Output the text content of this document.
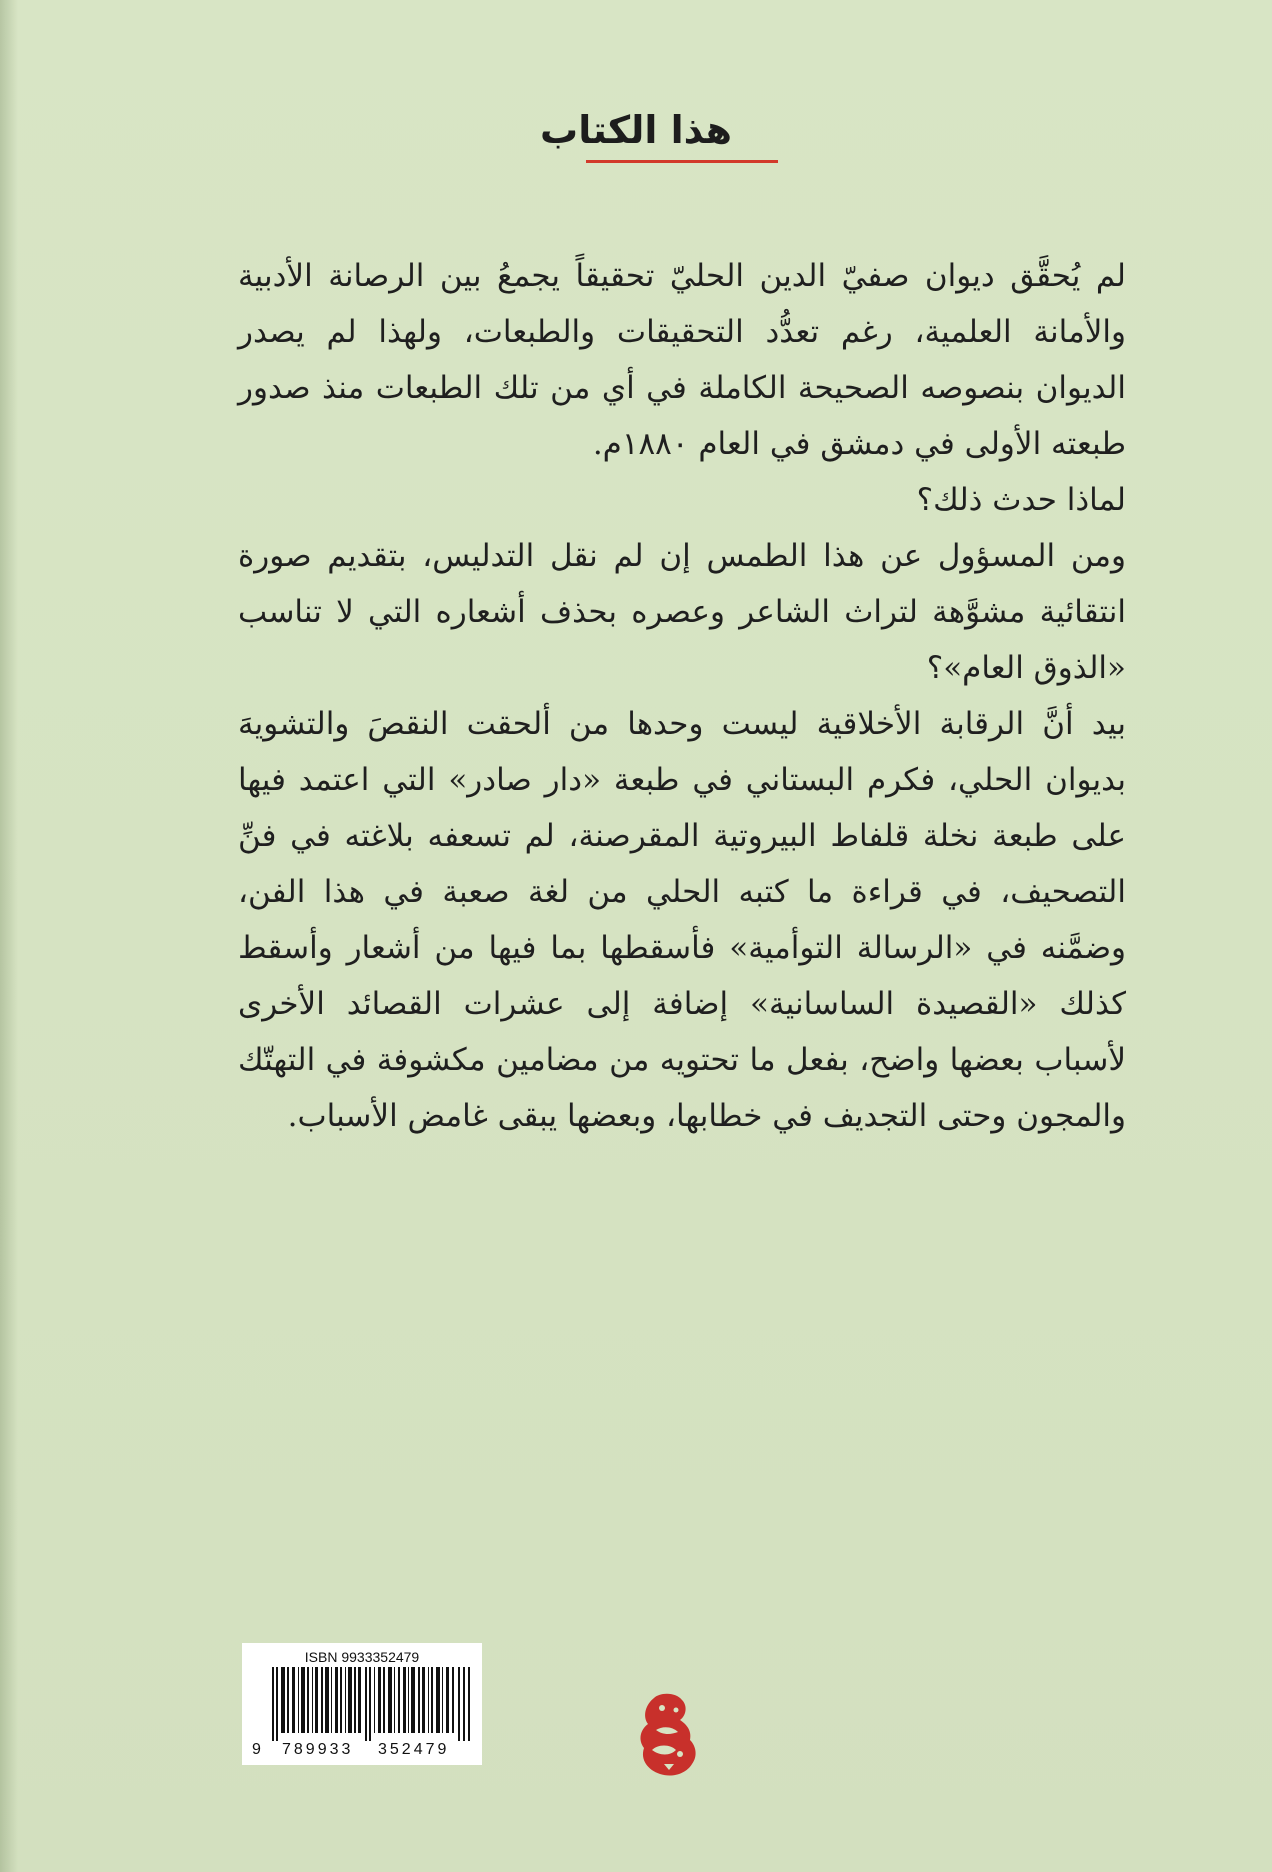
هذا الكتاب

لم يُحقَّق ديوان صفيّ الدين الحليّ تحقيقاً يجمعُ بين الرصانة الأدبية والأمانة العلمية، رغم تعدُّد التحقيقات والطبعات، ولهذا لم يصدر الديوان بنصوصه الصحيحة الكاملة في أي من تلك الطبعات منذ صدور طبعته الأولى في دمشق في العام ١٨٨٠م.

لماذا حدث ذلك؟

ومن المسؤول عن هذا الطمس إن لم نقل التدليس، بتقديم صورة انتقائية مشوَّهة لتراث الشاعر وعصره بحذف أشعاره التي لا تناسب «الذوق العام»؟

بيد أنَّ الرقابة الأخلاقية ليست وحدها من ألحقت النقصَ والتشويهَ بديوان الحلي، فكرم البستاني في طبعة «دار صادر» التي اعتمد فيها على طبعة نخلة قلفاط البيروتية المقرصنة، لم تسعفه بلاغته في فنِّ التصحيف، في قراءة ما كتبه الحلي من لغة صعبة في هذا الفن، وضمَّنه في «الرسالة التوأمية» فأسقطها بما فيها من أشعار وأسقط كذلك «القصيدة الساسانية» إضافة إلى عشرات القصائد الأخرى لأسباب بعضها واضح، بفعل ما تحتويه من مضامين مكشوفة في التهتّك والمجون وحتى التجديف في خطابها، وبعضها يبقى غامض الأسباب.

ISBN 9933352479
9 789933 352479
